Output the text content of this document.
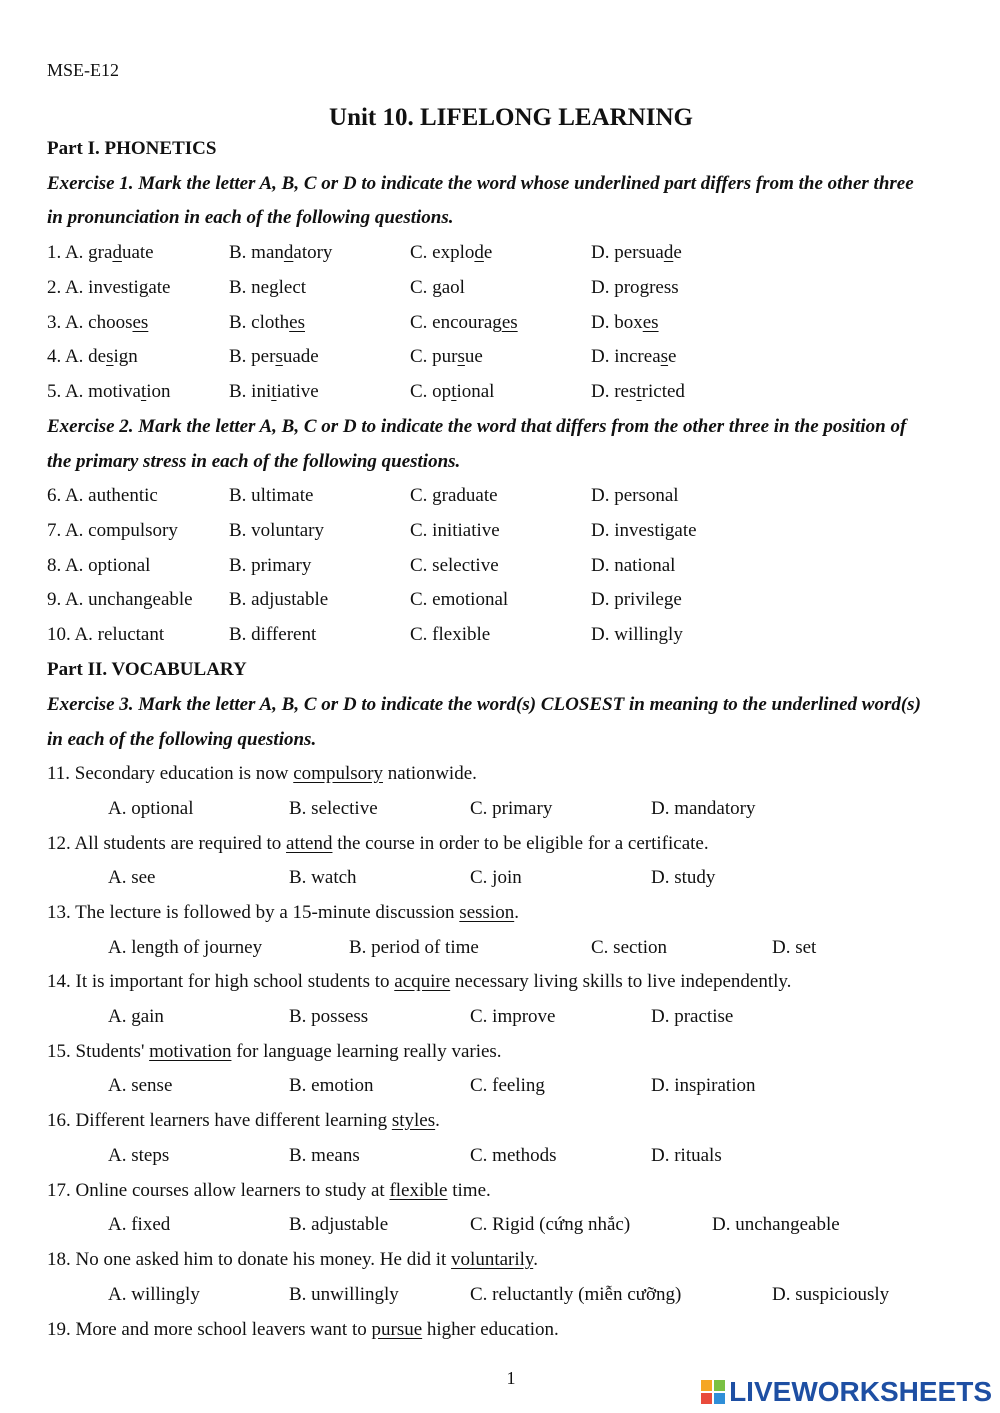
MSE-E12
Unit 10. LIFELONG LEARNING
Part I. PHONETICS
Exercise 1. Mark the letter A, B, C or D to indicate the word whose underlined part differs from the other three
in pronunciation in each of the following questions.
1. A. graduate	B. mandatory	C. explode	D. persuade
2. A. investigate	B. neglect	C. gaol	D. progress
3. A. chooses	B. clothes	C. encourages	D. boxes
4. A. design	B. persuade	C. pursue	D. increase
5. A. motivation	B. initiative	C. optional	D. restricted
Exercise 2. Mark the letter A, B, C or D to indicate the word that differs from the other three in the position of
the primary stress in each of the following questions.
6. A. authentic	B. ultimate	C. graduate	D. personal
7. A. compulsory	B. voluntary	C. initiative	D. investigate
8. A. optional	B. primary	C. selective	D. national
9. A. unchangeable B. adjustable	C. emotional	D. privilege
10. A. reluctant	B. different	C. flexible	D. willingly
Part II. VOCABULARY
Exercise 3. Mark the letter A, B, C or D to indicate the word(s) CLOSEST in meaning to the underlined word(s)
in each of the following questions.
11. Secondary education is now compulsory nationwide.
A. optional	B. selective	C. primary	D. mandatory
12. All students are required to attend the course in order to be eligible for a certificate.
A. see	B. watch	C. join	D. study
13. The lecture is followed by a 15-minute discussion session.
A. length of journey	B. period of time	C. section	D. set
14. It is important for high school students to acquire necessary living skills to live independently.
A. gain	B. possess	C. improve	D. practise
15. Students' motivation for language learning really varies.
A. sense	B. emotion	C. feeling	D. inspiration
16. Different learners have different learning styles.
A. steps	B. means	C. methods	D. rituals
17. Online courses allow learners to study at flexible time.
A. fixed	B. adjustable	C. Rigid (cứng nhắc)	D. unchangeable
18. No one asked him to donate his money. He did it voluntarily.
A. willingly	B. unwillingly	C. reluctantly (miễn cưỡng)	D. suspiciously
19. More and more school leavers want to pursue higher education.
1	LIVEWORKSHEETS
